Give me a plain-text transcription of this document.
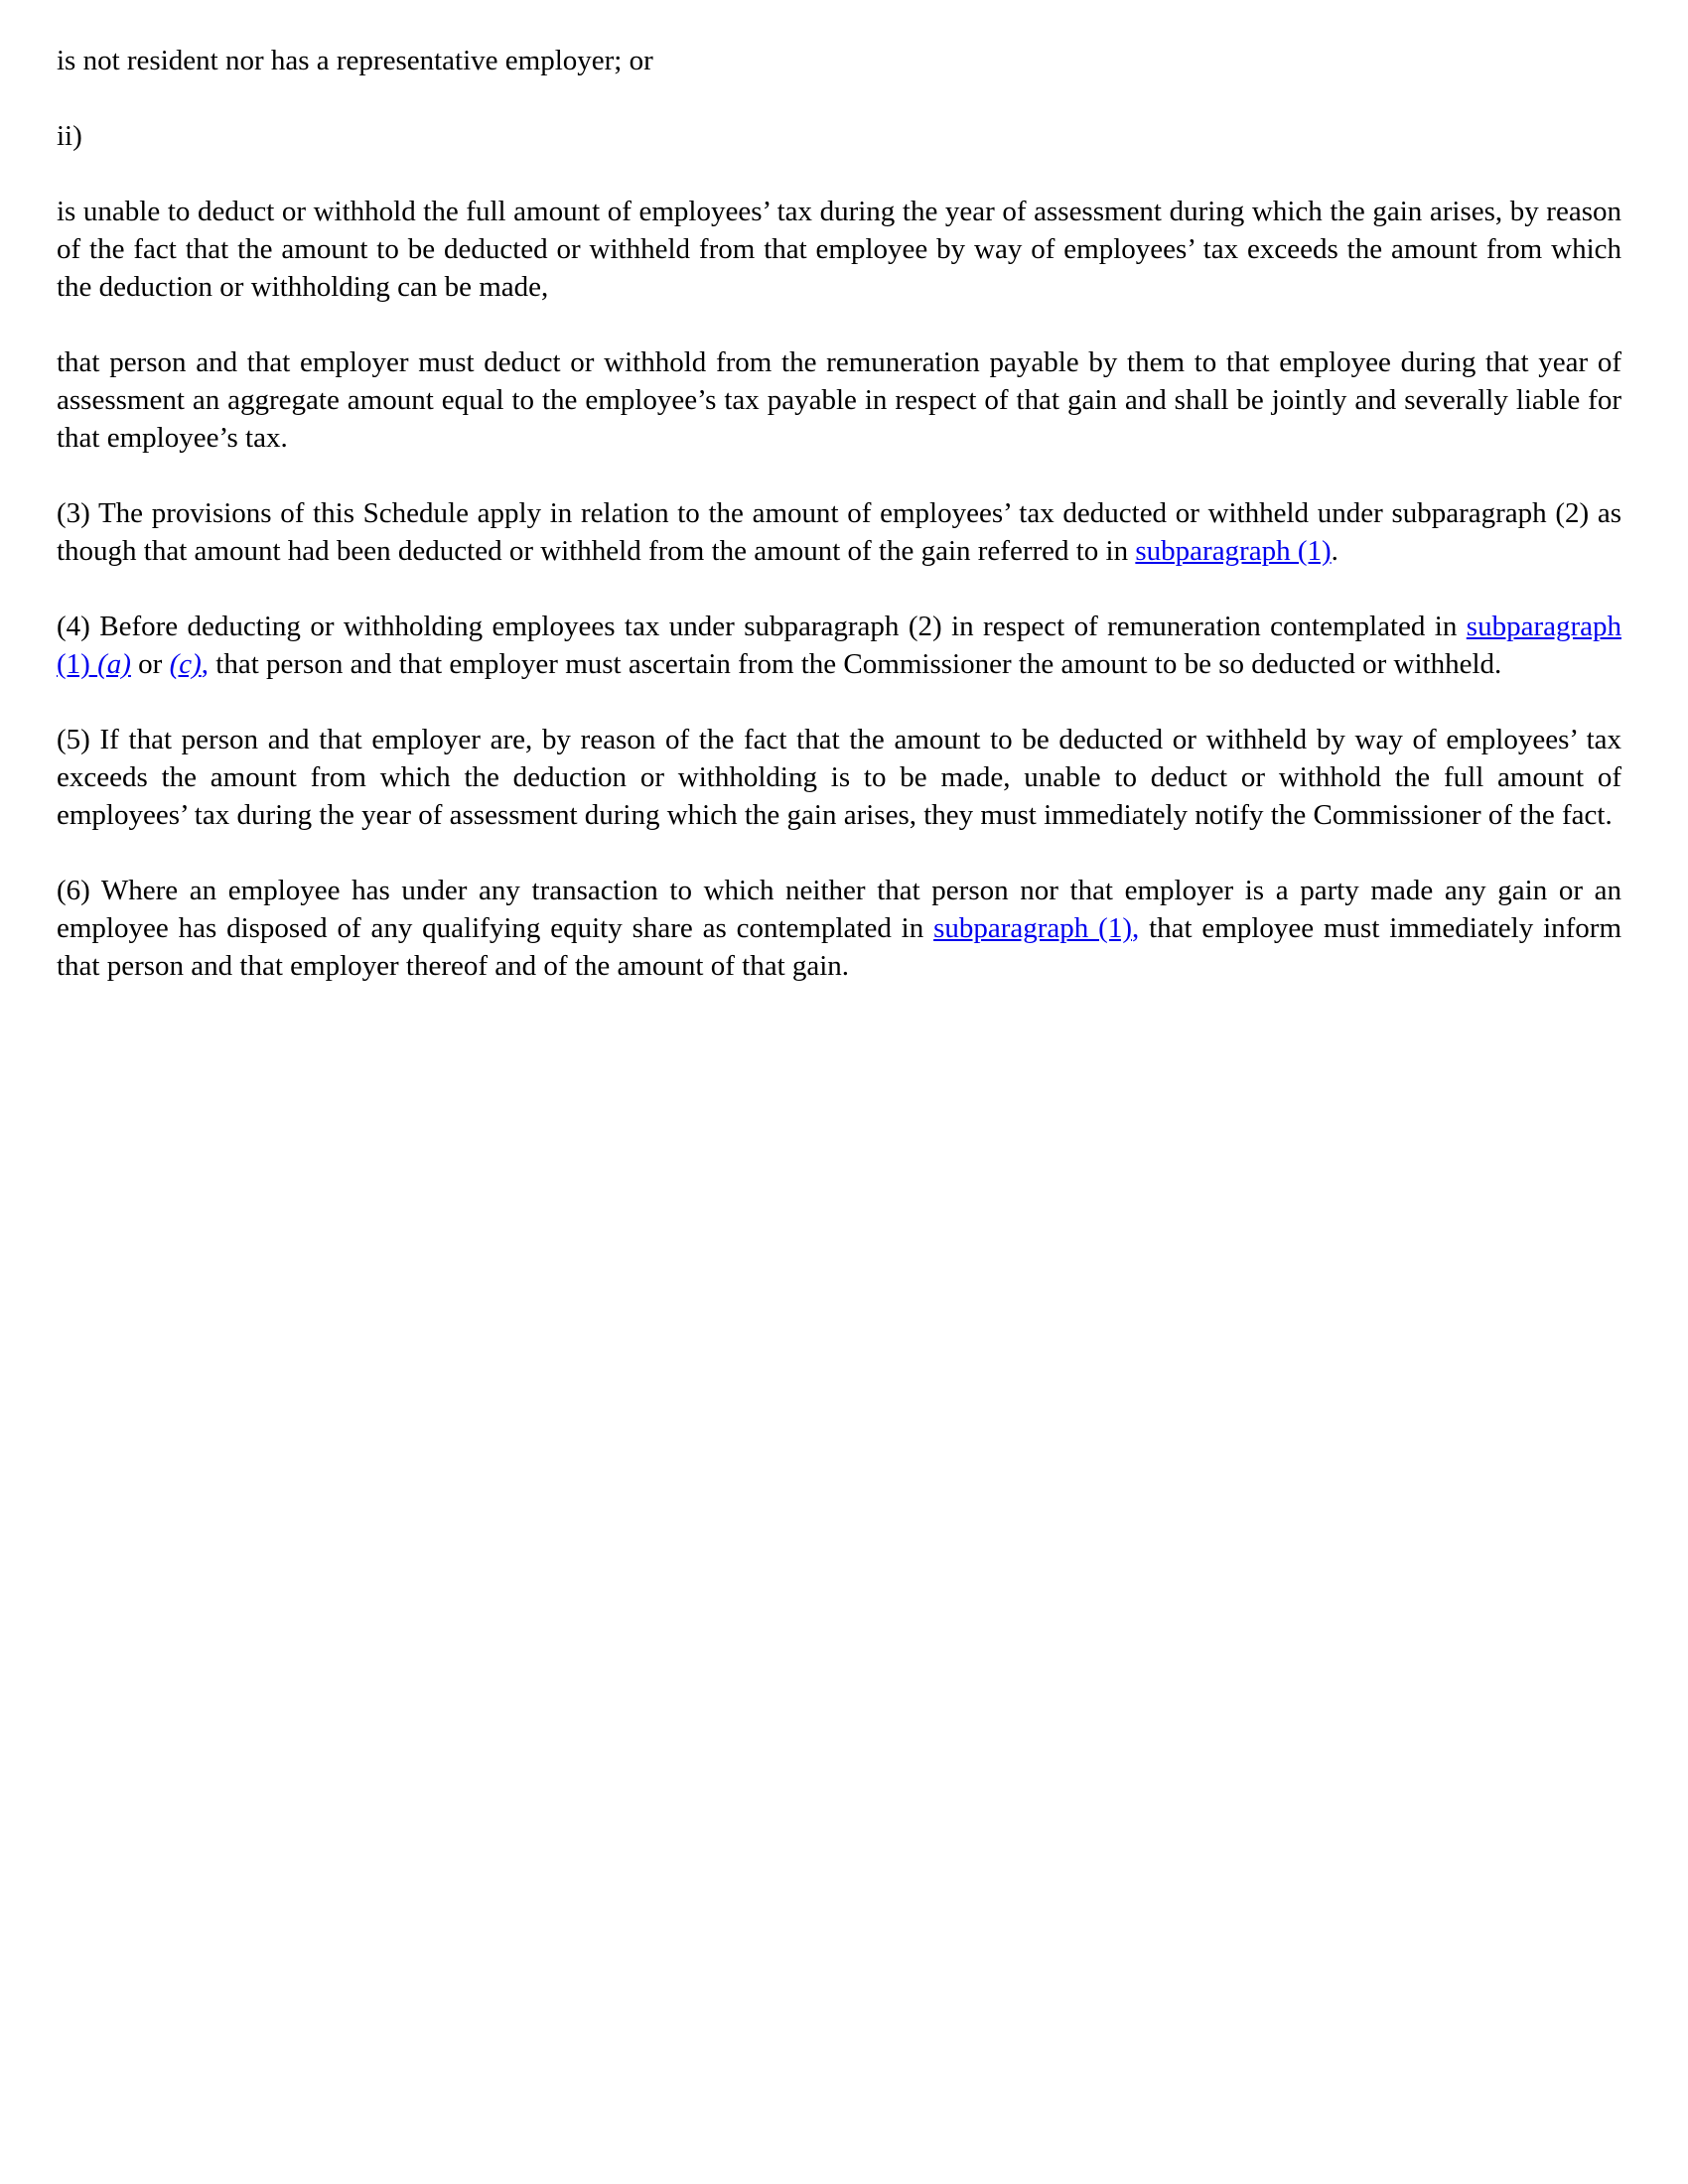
is not resident nor has a representative employer; or

ii)

is unable to deduct or withhold the full amount of employees’ tax during the year of assessment during which the gain arises, by reason of the fact that the amount to be deducted or withheld from that employee by way of employees’ tax exceeds the amount from which the deduction or withholding can be made,

that person and that employer must deduct or withhold from the remuneration payable by them to that employee during that year of assessment an aggregate amount equal to the employee’s tax payable in respect of that gain and shall be jointly and severally liable for that employee’s tax.

(3) The provisions of this Schedule apply in relation to the amount of employees’ tax deducted or withheld under subparagraph (2) as though that amount had been deducted or withheld from the amount of the gain referred to in subparagraph (1).

(4) Before deducting or withholding employees tax under subparagraph (2) in respect of remuneration contemplated in subparagraph (1) (a) or (c), that person and that employer must ascertain from the Commissioner the amount to be so deducted or withheld.

(5) If that person and that employer are, by reason of the fact that the amount to be deducted or withheld by way of employees’ tax exceeds the amount from which the deduction or withholding is to be made, unable to deduct or withhold the full amount of employees’ tax during the year of assessment during which the gain arises, they must immediately notify the Commissioner of the fact.

(6) Where an employee has under any transaction to which neither that person nor that employer is a party made any gain or an employee has disposed of any qualifying equity share as contemplated in subparagraph (1), that employee must immediately inform that person and that employer thereof and of the amount of that gain.
